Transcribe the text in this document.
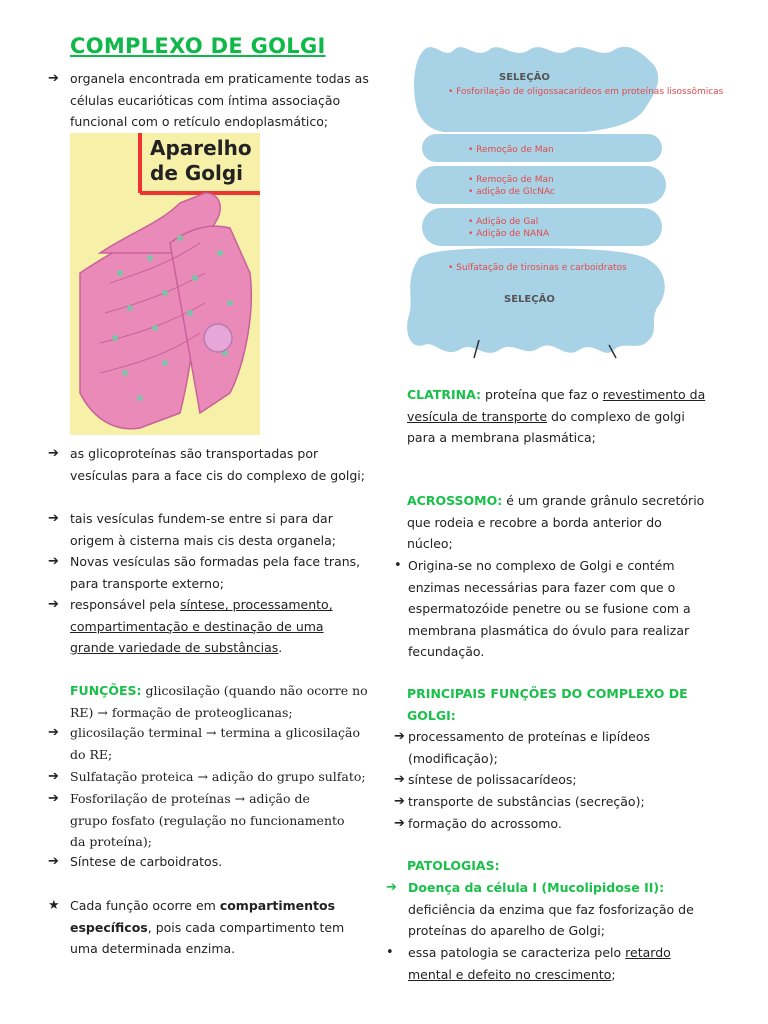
COMPLEXO DE GOLGI
➔ organela encontrada em praticamente todas as células eucarióticas com íntima associação funcional com o retículo endoplasmático;
Aparelho
de Golgi
➔ as glicoproteínas são transportadas por vesículas para a face cis do complexo de golgi;
➔ tais vesículas fundem-se entre si para dar origem à cisterna mais cis desta organela;
➔ Novas vesículas são formadas pela face trans, para transporte externo;
➔ responsável pela síntese, processamento, compartimentação e destinação de uma grande variedade de substâncias.
FUNÇÕES: glicosilação (quando não ocorre no RE) → formação de proteoglicanas;
➔ glicosilação terminal → termina a glicosilação do RE;
➔ Sulfatação proteica → adição do grupo sulfato;
➔ Fosforilação de proteínas → adição de grupo fosfato (regulação no funcionamento da proteína);
➔ Síntese de carboidratos.
★ Cada função ocorre em compartimentos específicos, pois cada compartimento tem uma determinada enzima.
SELEÇÃO
• Fosforilação de oligossacarídeos em proteínas lisossômicas
• Remoção de Man
• Remoção de Man
• adição de GlcNAc
• Adição de Gal
• Adição de NANA
• Sulfatação de tirosinas e carboidratos
SELEÇÃO
CLATRINA: proteína que faz o revestimento da vesícula de transporte do complexo de golgi para a membrana plasmática;
ACROSSOMO: é um grande grânulo secretório que rodeia e recobre a borda anterior do núcleo;
• Origina-se no complexo de Golgi e contém enzimas necessárias para fazer com que o espermatozóide penetre ou se fusione com a membrana plasmática do óvulo para realizar fecundação.
PRINCIPAIS FUNÇÕES DO COMPLEXO DE GOLGI:
➔ processamento de proteínas e lipídeos (modificação);
➔ síntese de polissacarídeos;
➔ transporte de substâncias (secreção);
➔ formação do acrossomo.
PATOLOGIAS:
➔ Doença da célula I (Mucolipidose II):
deficiência da enzima que faz fosforização de proteínas do aparelho de Golgi;
•	essa patologia se caracteriza pelo retardo mental e defeito no crescimento;
